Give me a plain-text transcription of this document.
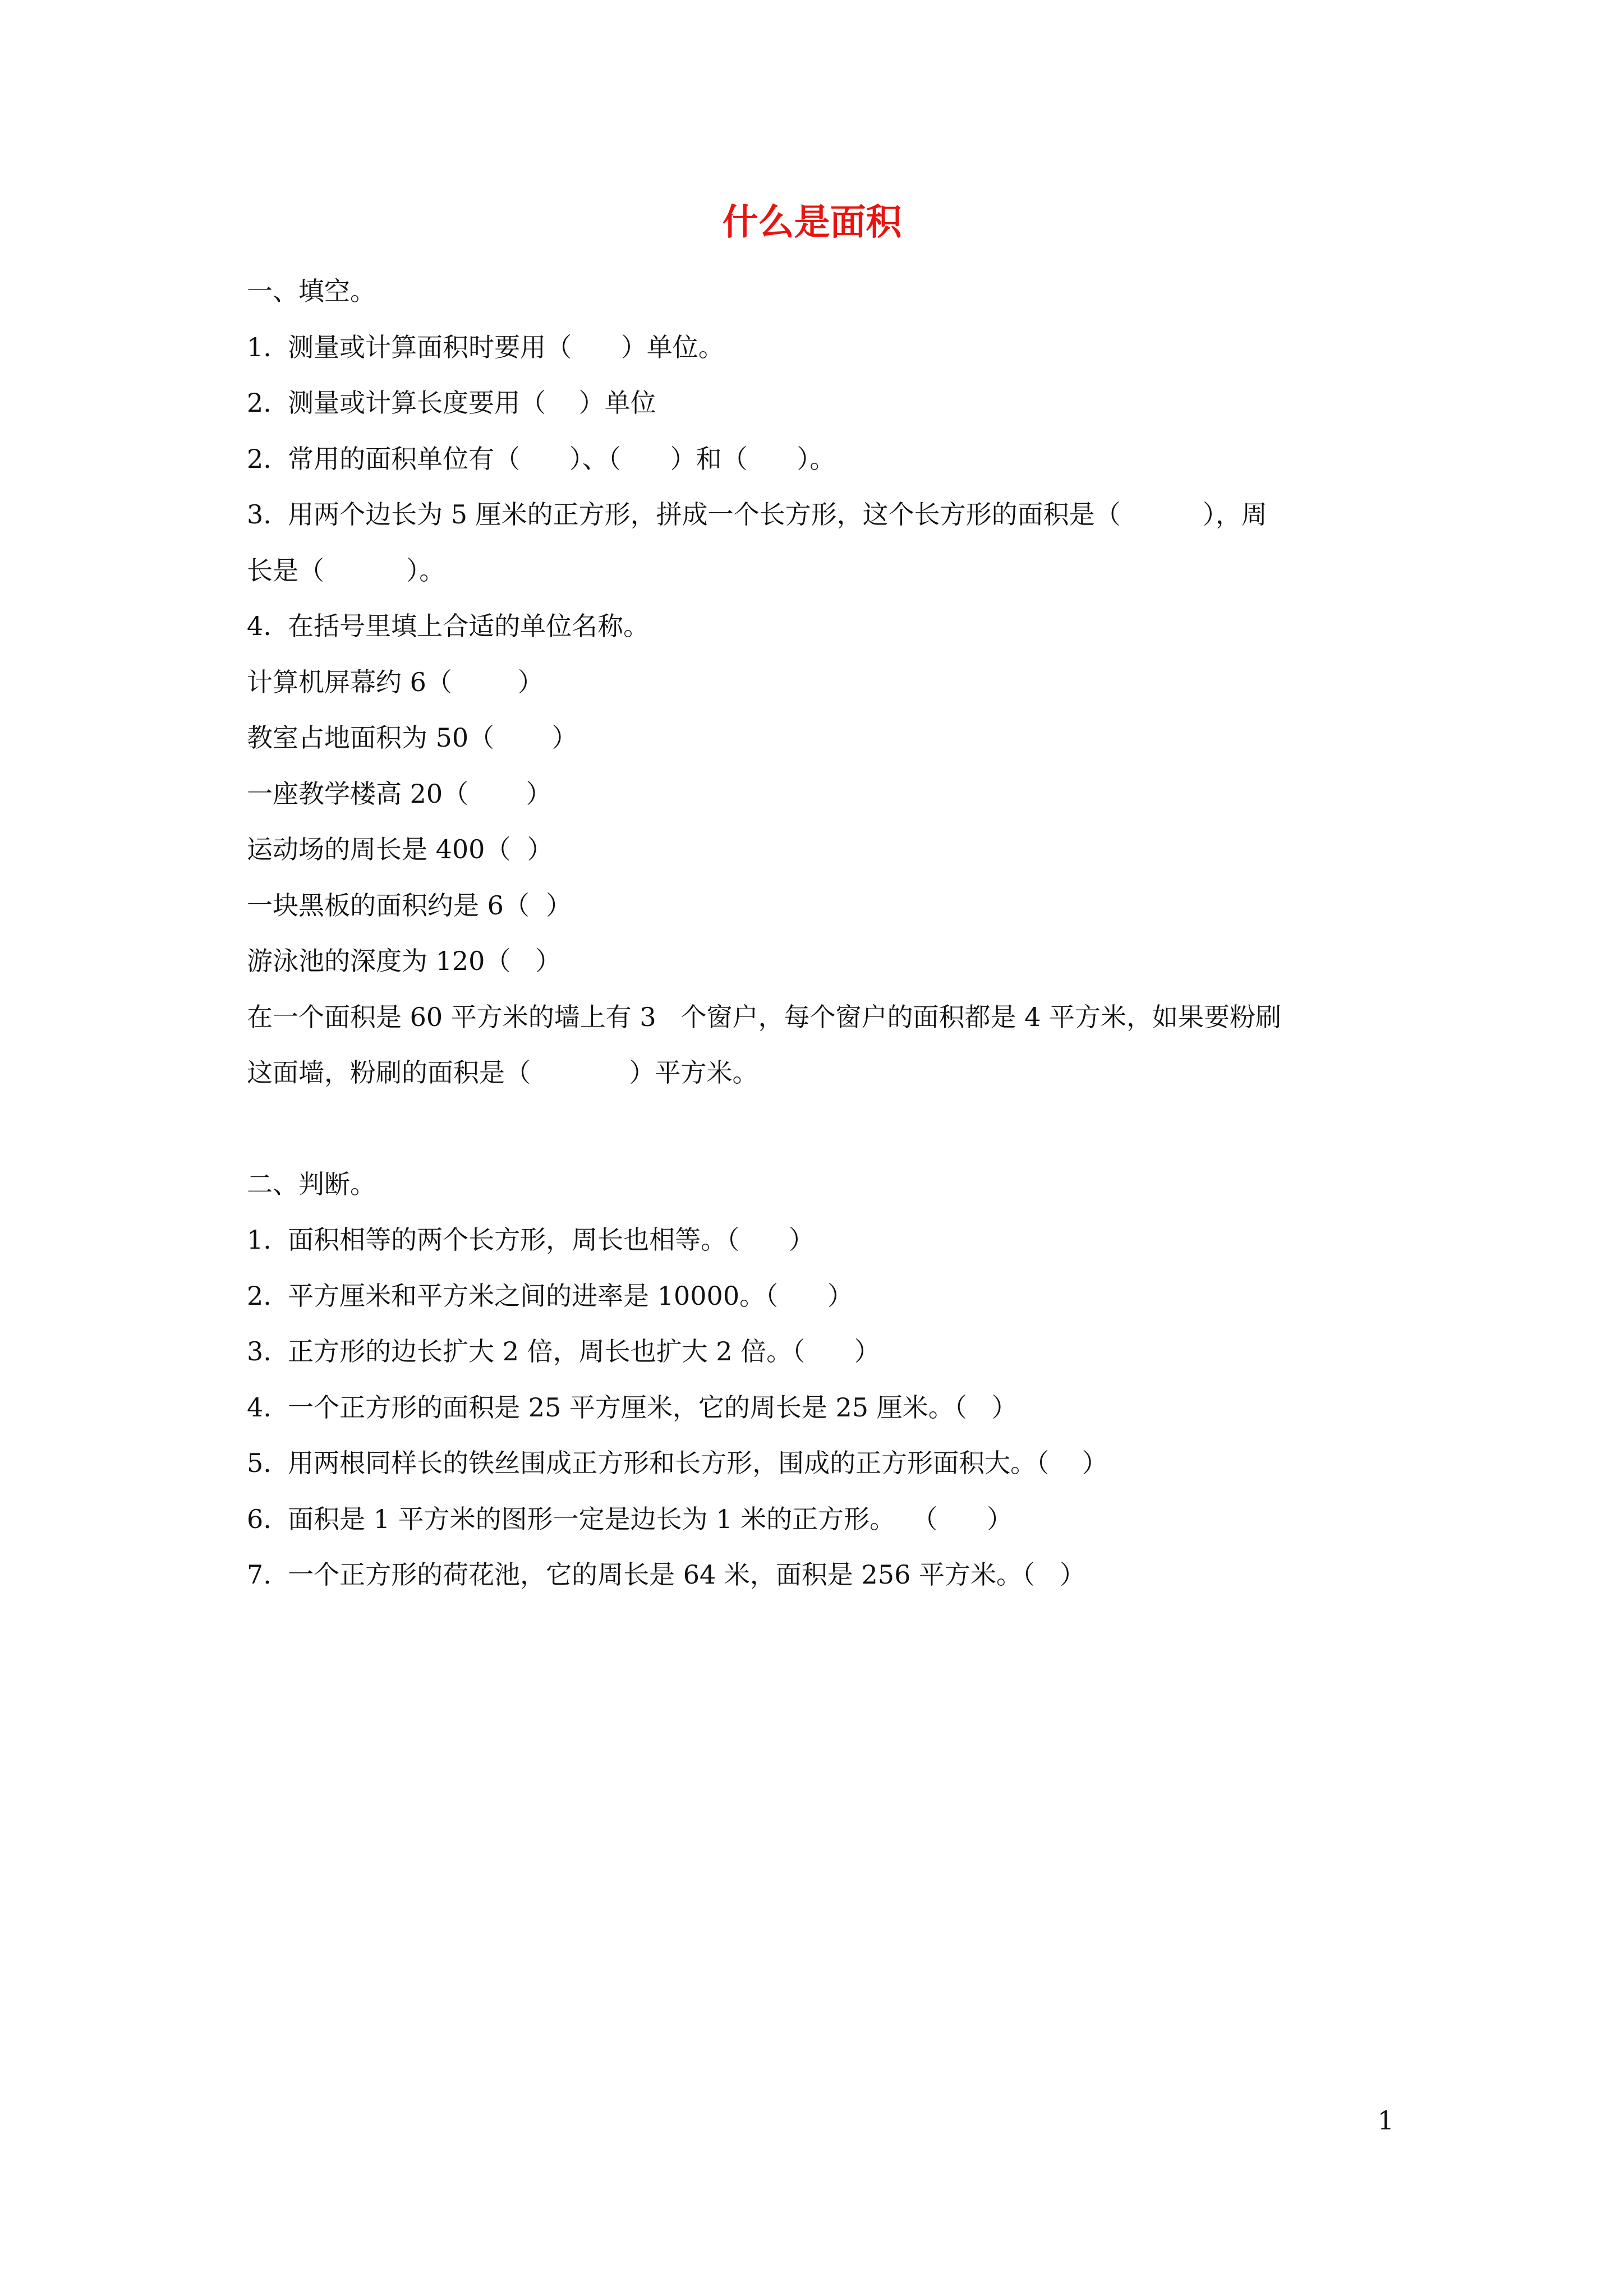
什么是面积

一、填空。

1.  测量或计算面积时要用（      ）单位。

2.  测量或计算长度要用（    ）单位

2.  常用的面积单位有（      ）、（      ）和（      ）。

3.  用两个边长为 5 厘米的正方形，拼成一个长方形，这个长方形的面积是（          ），周

长是（          ）。

4.  在括号里填上合适的单位名称。

计算机屏幕约 6（        ）

教室占地面积为 50（       ）

一座教学楼高 20（       ）

运动场的周长是 400（  ）

一块黑板的面积约是 6（  ）

游泳池的深度为 120（   ）

在一个面积是 60 平方米的墙上有 3   个窗户，每个窗户的面积都是 4 平方米，如果要粉刷

这面墙，粉刷的面积是（            ）平方米。

二、判断。

1.  面积相等的两个长方形，周长也相等。（      ）

2.  平方厘米和平方米之间的进率是 10000。（      ）

3.  正方形的边长扩大 2 倍，周长也扩大 2 倍。（      ）

4.  一个正方形的面积是 25 平方厘米，它的周长是 25 厘米。（   ）

5.  用两根同样长的铁丝围成正方形和长方形，围成的正方形面积大。（    ）

6.  面积是 1 平方米的图形一定是边长为 1 米的正方形。  （      ）

7.  一个正方形的荷花池，它的周长是 64 米，面积是 256 平方米。（   ）

1
